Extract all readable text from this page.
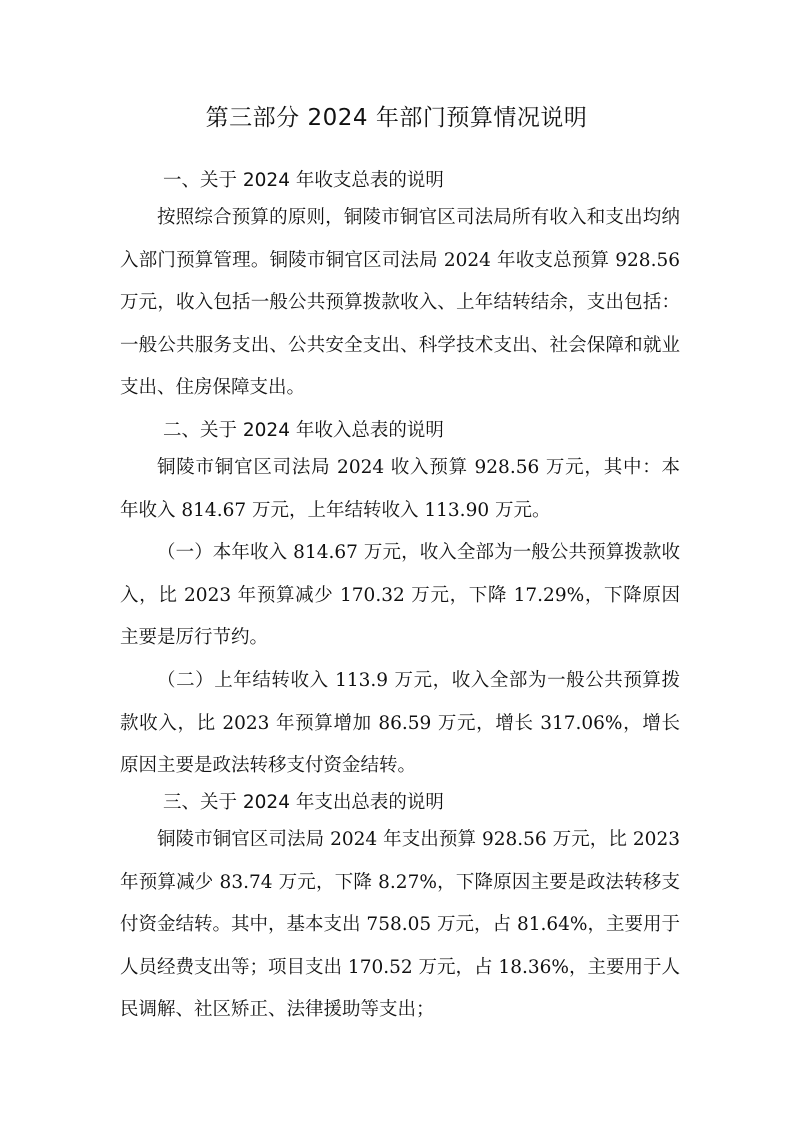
第三部分 2024 年部门预算情况说明
一、关于 2024 年收支总表的说明

按照综合预算的原则，铜陵市铜官区司法局所有收入和支出均纳入部门预算管理。铜陵市铜官区司法局 2024 年收支总预算 928.56 万元，收入包括一般公共预算拨款收入、上年结转结余，支出包括：一般公共服务支出、公共安全支出、科学技术支出、社会保障和就业支出、住房保障支出。

二、关于 2024 年收入总表的说明

铜陵市铜官区司法局 2024 收入预算 928.56 万元，其中：本年收入 814.67 万元，上年结转收入 113.90 万元。

（一）本年收入 814.67 万元，收入全部为一般公共预算拨款收入，比 2023 年预算减少 170.32 万元，下降 17.29%，下降原因主要是厉行节约。

（二）上年结转收入 113.9 万元，收入全部为一般公共预算拨款收入，比 2023 年预算增加 86.59 万元，增长 317.06%，增长原因主要是政法转移支付资金结转。

三、关于 2024 年支出总表的说明

铜陵市铜官区司法局 2024 年支出预算 928.56 万元，比 2023 年预算减少 83.74 万元，下降 8.27%，下降原因主要是政法转移支付资金结转。其中，基本支出 758.05 万元，占 81.64%，主要用于人员经费支出等；项目支出 170.52 万元，占 18.36%，主要用于人民调解、社区矫正、法律援助等支出；
